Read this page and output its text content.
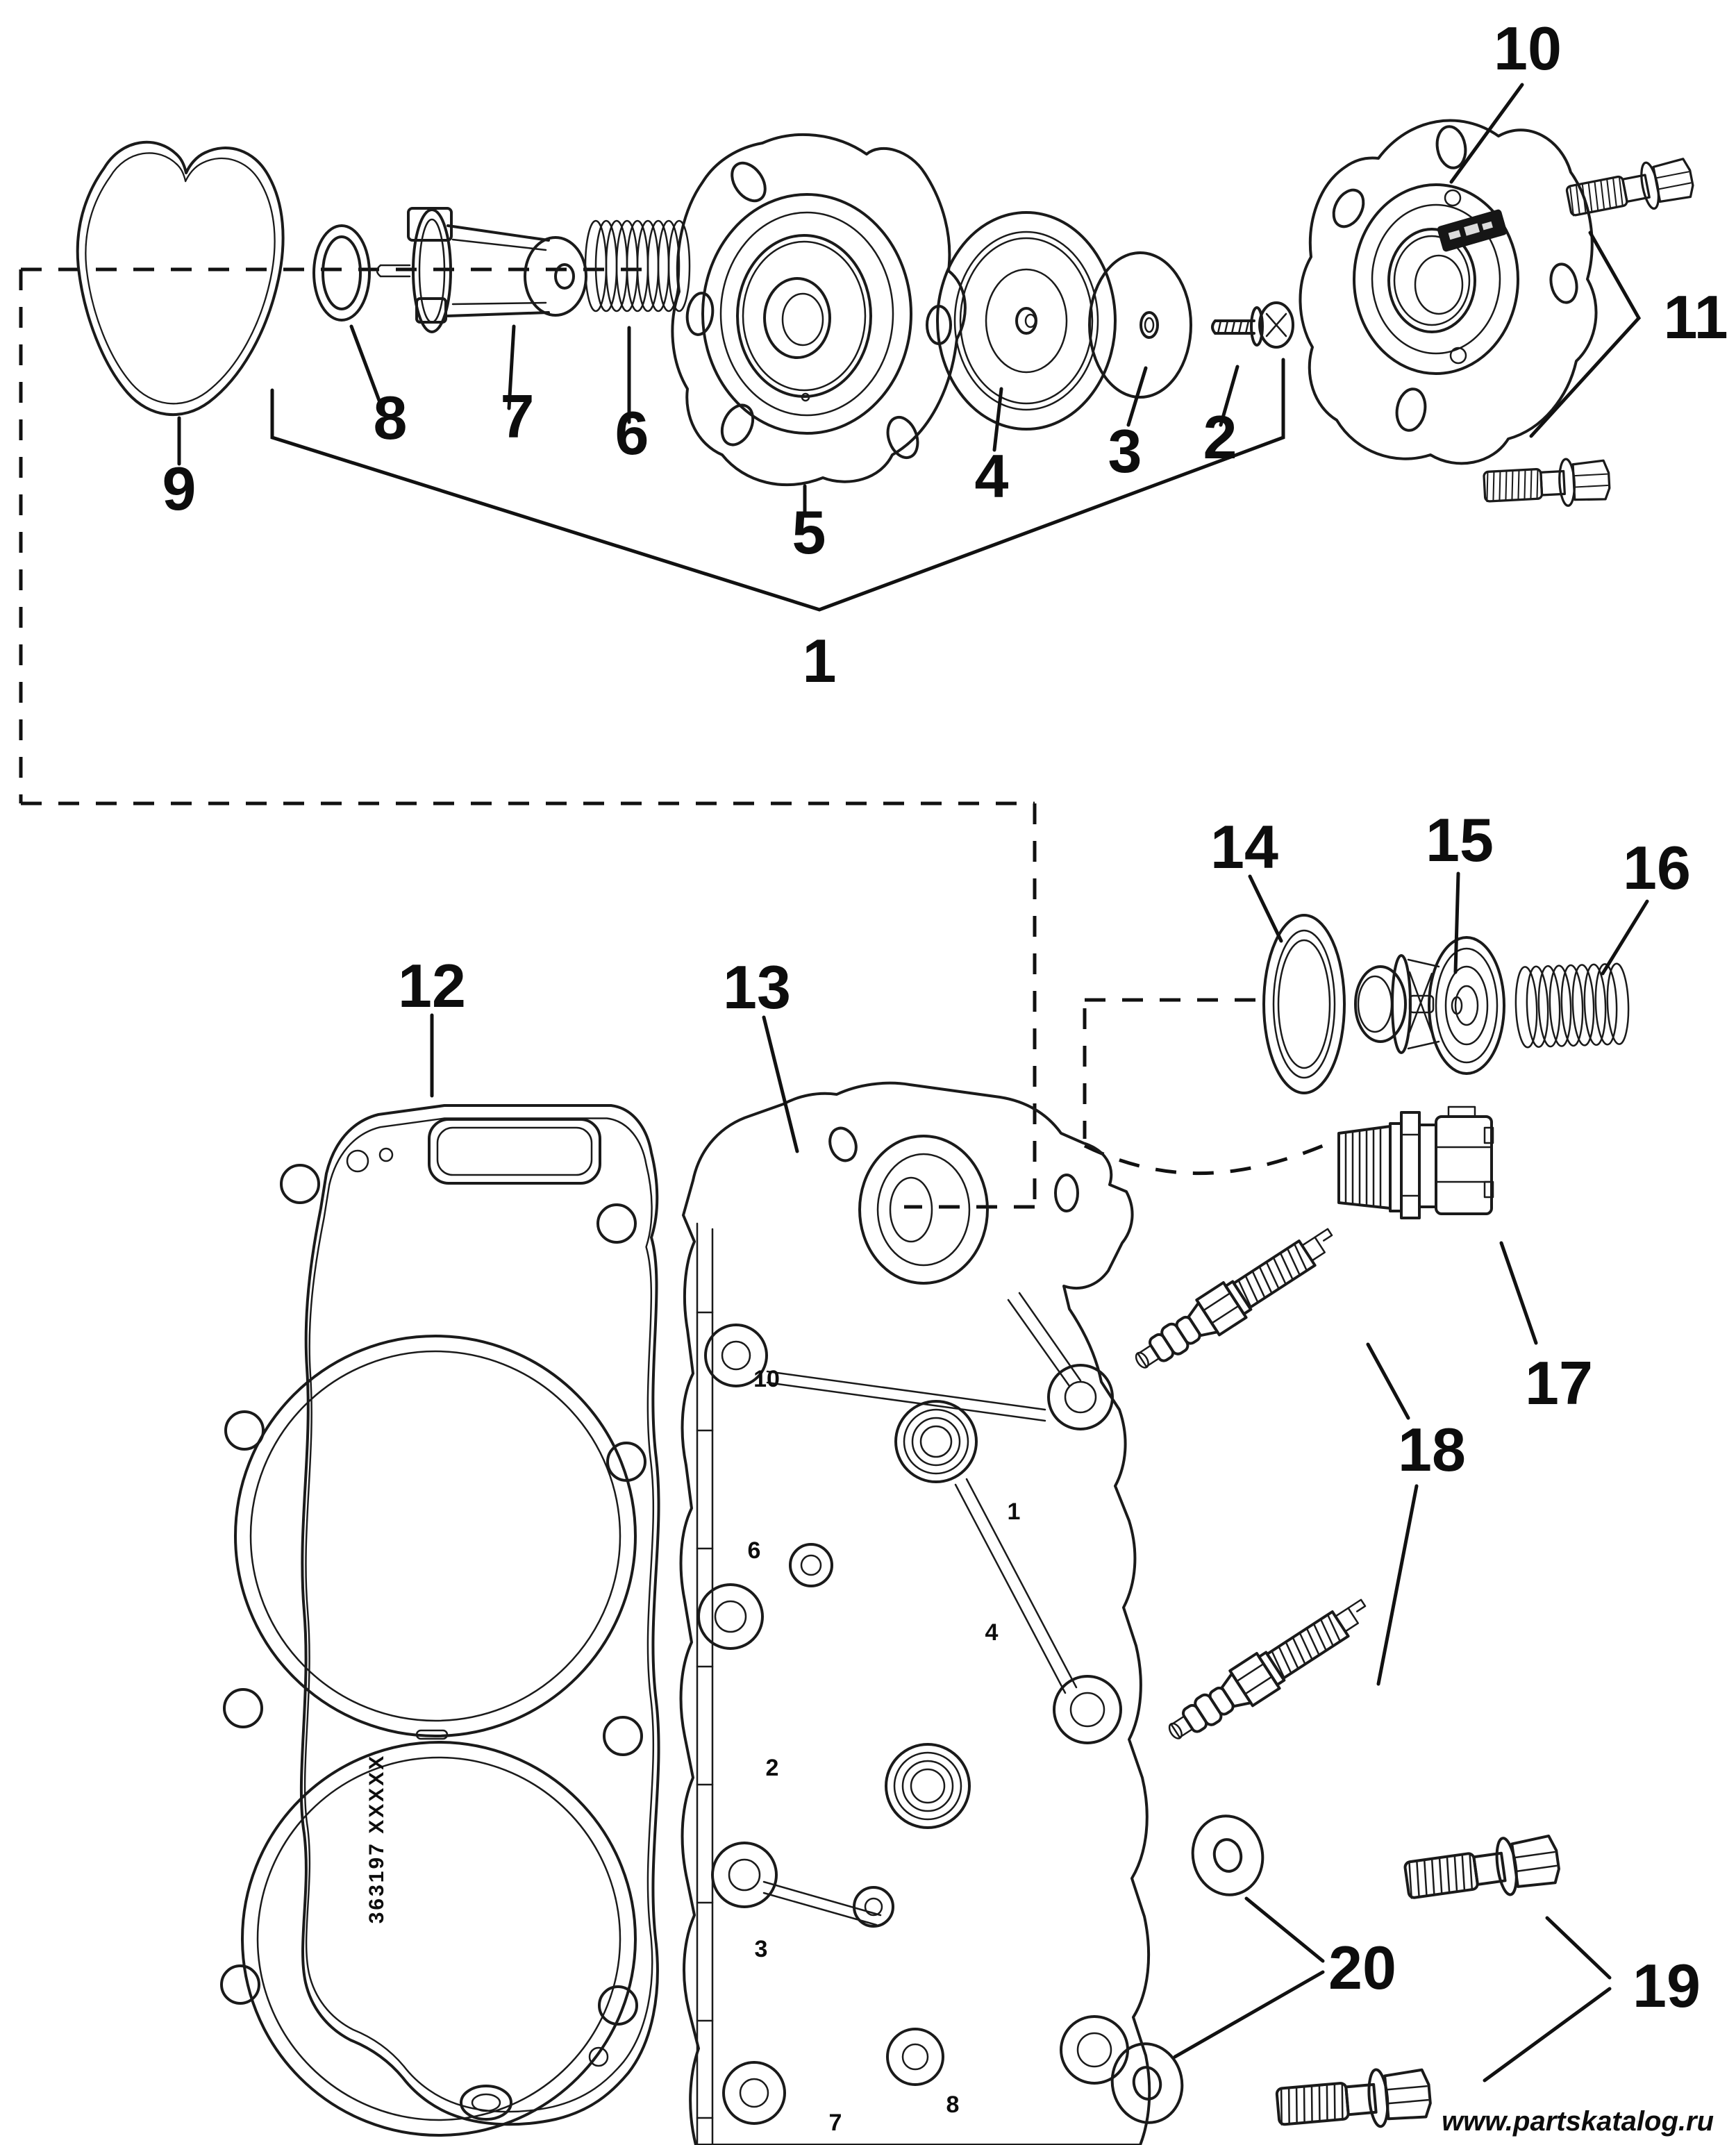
363197 XXXXX
10
6
2
3
7
8
1
4
1
2
3
4
5
6
7
8
9
10
11
12	13
14 15 16
17
18
19
20
www.partskatalog.ru
